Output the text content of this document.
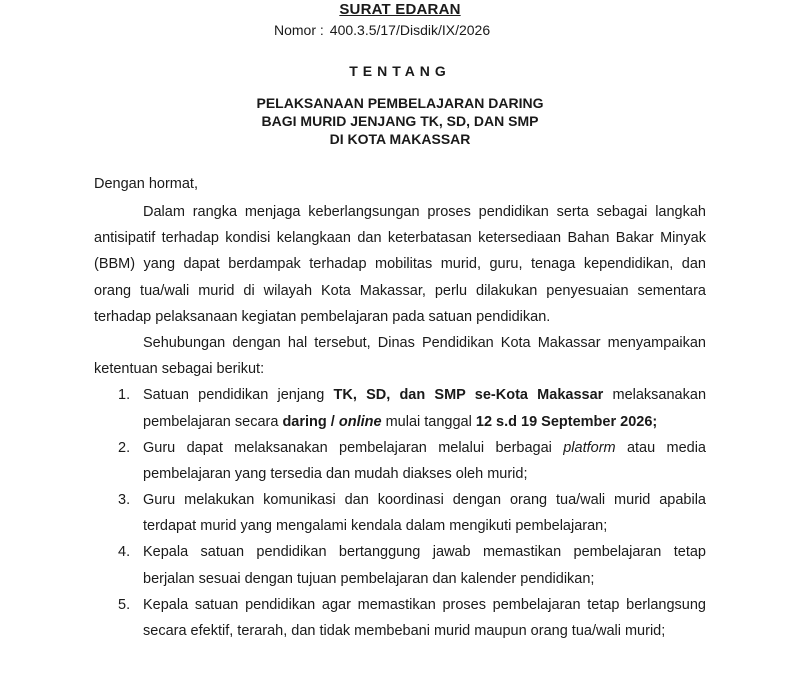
SURAT EDARAN
Nomor : 400.3.5/17/Disdik/IX/2026
TENTANG
PELAKSANAAN PEMBELAJARAN DARING
BAGI MURID JENJANG TK, SD, DAN SMP
DI KOTA MAKASSAR
Dengan hormat,
Dalam rangka menjaga keberlangsungan proses pendidikan serta sebagai langkah
antisipatif terhadap kondisi kelangkaan dan keterbatasan ketersediaan Bahan Bakar Minyak
(BBM) yang dapat berdampak terhadap mobilitas murid, guru, tenaga kependidikan, dan
orang tua/wali murid di wilayah Kota Makassar, perlu dilakukan penyesuaian sementara
terhadap pelaksanaan kegiatan pembelajaran pada satuan pendidikan.
Sehubungan dengan hal tersebut, Dinas Pendidikan Kota Makassar menyampaikan
ketentuan sebagai berikut:
1. Satuan pendidikan jenjang TK, SD, dan SMP se-Kota Makassar melaksanakan
pembelajaran secara daring / online mulai tanggal 12 s.d 19 September 2026;
2. Guru dapat melaksanakan pembelajaran melalui berbagai platform atau media
pembelajaran yang tersedia dan mudah diakses oleh murid;
3. Guru melakukan komunikasi dan koordinasi dengan orang tua/wali murid apabila
terdapat murid yang mengalami kendala dalam mengikuti pembelajaran;
4. Kepala satuan pendidikan bertanggung jawab memastikan pembelajaran tetap
berjalan sesuai dengan tujuan pembelajaran dan kalender pendidikan;
5. Kepala satuan pendidikan agar memastikan proses pembelajaran tetap berlangsung
secara efektif, terarah, dan tidak membebani murid maupun orang tua/wali murid;
